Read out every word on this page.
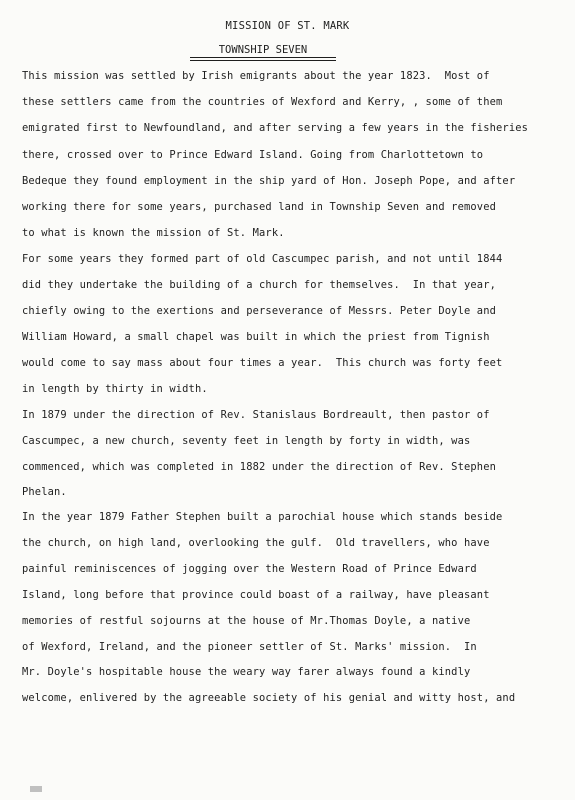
MISSION OF ST. MARK
TOWNSHIP SEVEN
This mission was settled by Irish emigrants about the year 1823.  Most of
these settlers came from the countries of Wexford and Kerry, , some of them
emigrated first to Newfoundland, and after serving a few years in the fisheries
there, crossed over to Prince Edward Island. Going from Charlottetown to
Bedeque they found employment in the ship yard of Hon. Joseph Pope, and after
working there for some years, purchased land in Township Seven and removed
to what is known the mission of St. Mark.
For some years they formed part of old Cascumpec parish, and not until 1844
did they undertake the building of a church for themselves.  In that year,
chiefly owing to the exertions and perseverance of Messrs. Peter Doyle and
William Howard, a small chapel was built in which the priest from Tignish
would come to say mass about four times a year.  This church was forty feet
in length by thirty in width.
In 1879 under the direction of Rev. Stanislaus Bordreault, then pastor of
Cascumpec, a new church, seventy feet in length by forty in width, was
commenced, which was completed in 1882 under the direction of Rev. Stephen
Phelan.
In the year 1879 Father Stephen built a parochial house which stands beside
the church, on high land, overlooking the gulf.  Old travellers, who have
painful reminiscences of jogging over the Western Road of Prince Edward
Island, long before that province could boast of a railway, have pleasant
memories of restful sojourns at the house of Mr.Thomas Doyle, a native
of Wexford, Ireland, and the pioneer settler of St. Marks' mission.  In
Mr. Doyle's hospitable house the weary way farer always found a kindly
welcome, enlivered by the agreeable society of his genial and witty host, and
